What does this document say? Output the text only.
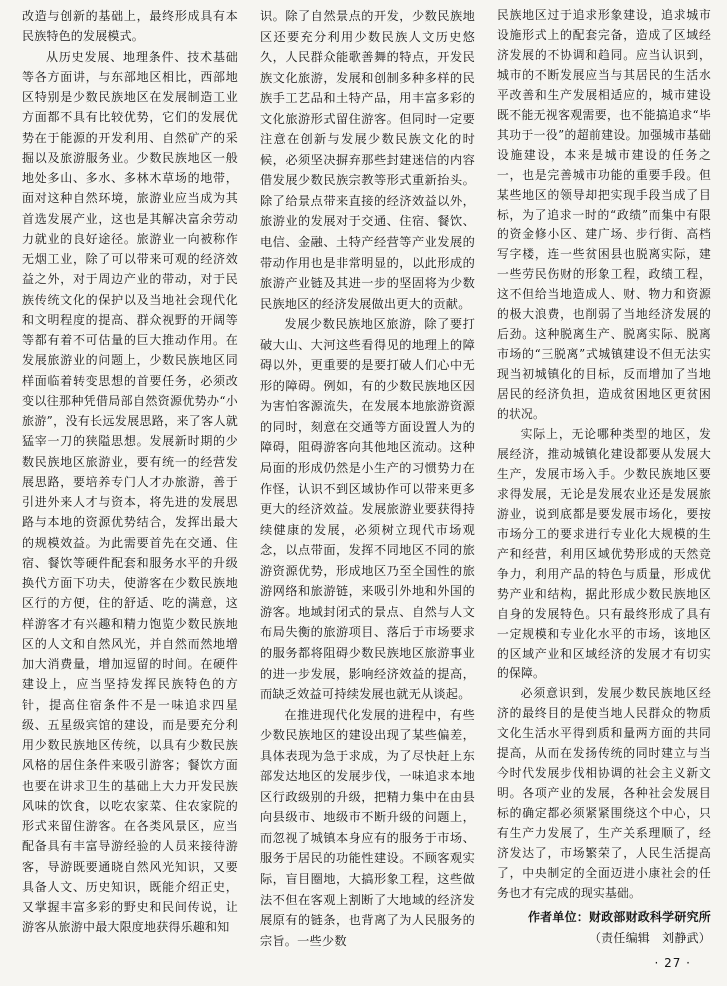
改造与创新的基础上，最终形成具有本民族特色的发展模式。

从历史发展、地理条件、技术基础等各方面讲，与东部地区相比，西部地区特别是少数民族地区在发展制造工业方面都不具有比较优势，它们的发展优势在于能源的开发利用、自然矿产的采掘以及旅游服务业。少数民族地区一般地处多山、多水、多林木草场的地带，面对这种自然环境，旅游业应当成为其首选发展产业，这也是其解决富余劳动力就业的良好途径。旅游业一向被称作无烟工业，除了可以带来可观的经济效益之外，对于周边产业的带动，对于民族传统文化的保护以及当地社会现代化和文明程度的提高、群众视野的开阔等等都有着不可估量的巨大推动作用。在发展旅游业的问题上，少数民族地区同样面临着转变思想的首要任务，必须改变以往那种凭借局部自然资源优势办“小旅游”，没有长远发展思路，来了客人就猛宰一刀的狭隘思想。发展新时期的少数民族地区旅游业，要有统一的经营发展思路，要培养专门人才办旅游，善于引进外来人才与资本，将先进的发展思路与本地的资源优势结合，发挥出最大的规模效益。为此需要首先在交通、住宿、餐饮等硬件配套和服务水平的升级换代方面下功夫，使游客在少数民族地区行的方便，住的舒适、吃的满意，这样游客才有兴趣和精力饱览少数民族地区的人文和自然风光，并自然而然地增加大消费量，增加逗留的时间。在硬件建设上，应当坚持发挥民族特色的方针，提高住宿条件不是一味追求四星级、五星级宾馆的建设，而是要充分利用少数民族地区传统，以具有少数民族风格的居住条件来吸引游客；餐饮方面也要在讲求卫生的基础上大力开发民族风味的饮食，以吃农家菜、住农家院的形式来留住游客。在各类风景区，应当配备具有丰富导游经验的人员来接待游客，导游既要通晓自然风光知识，又要具备人文、历史知识，既能介绍正史，又掌握丰富多彩的野史和民间传说，让游客从旅游中最大限度地获得乐趣和知

识。除了自然景点的开发，少数民族地区还要充分利用少数民族人文历史悠久，人民群众能歌善舞的特点，开发民族文化旅游，发展和创制多种多样的民族手工艺品和土特产品，用丰富多彩的文化旅游形式留住游客。但同时一定要注意在创新与发展少数民族文化的时候，必须坚决摒弃那些封建迷信的内容借发展少数民族宗教等形式重新抬头。除了给景点带来直接的经济效益以外，旅游业的发展对于交通、住宿、餐饮、电信、金融、土特产经营等产业发展的带动作用也是非常明显的，以此形成的旅游产业链及其进一步的坚固将为少数民族地区的经济发展做出更大的贡献。

发展少数民族地区旅游，除了要打破大山、大河这些看得见的地理上的障碍以外，更重要的是要打破人们心中无形的障碍。例如，有的少数民族地区因为害怕客源流失，在发展本地旅游资源的同时，刻意在交通等方面设置人为的障碍，阻碍游客向其他地区流动。这种局面的形成仍然是小生产的习惯势力在作怪，认识不到区域协作可以带来更多更大的经济效益。发展旅游业要获得持续健康的发展，必须树立现代市场观念，以点带面，发挥不同地区不同的旅游资源优势，形成地区乃至全国性的旅游网络和旅游链，来吸引外地和外国的游客。地域封闭式的景点、自然与人文布局失衡的旅游项目、落后于市场要求的服务都将阻碍少数民族地区旅游事业的进一步发展，影响经济效益的提高，而缺乏效益可持续发展也就无从谈起。

在推进现代化发展的进程中，有些少数民族地区的建设出现了某些偏差，具体表现为急于求成，为了尽快赶上东部发达地区的发展步伐，一味追求本地区行政级别的升级，把精力集中在由县向县级市、地级市不断升级的问题上，而忽视了城镇本身应有的服务于市场、服务于居民的功能性建设。不顾客观实际，盲目圈地，大搞形象工程，这些做法不但在客观上割断了大地域的经济发展原有的链条，也背离了为人民服务的宗旨。一些少数

民族地区过于追求形象建设，追求城市设施形式上的配套完备，造成了区域经济发展的不协调和趋同。应当认识到，城市的不断发展应当与其居民的生活水平改善和生产发展相适应的，城市建设既不能无视客观需要，也不能搞追求“毕其功于一役”的超前建设。加强城市基础设施建设，本来是城市建设的任务之一，也是完善城市功能的重要手段。但某些地区的领导却把实现手段当成了目标，为了追求一时的“政绩”而集中有限的资金修小区、建广场、步行街、高档写字楼，连一些贫困县也脱离实际，建一些劳民伤财的形象工程，政绩工程，这不但给当地造成人、财、物力和资源的极大浪费，也削弱了当地经济发展的后劲。这种脱离生产、脱离实际、脱离市场的“三脱离”式城镇建设不但无法实现当初城镇化的目标，反而增加了当地居民的经济负担，造成贫困地区更贫困的状况。

实际上，无论哪种类型的地区，发展经济，推动城镇化建设都要从发展大生产，发展市场入手。少数民族地区要求得发展，无论是发展农业还是发展旅游业，说到底都是要发展市场化，要按市场分工的要求进行专业化大规模的生产和经营，利用区域优势形成的天然竞争力，利用产品的特色与质量，形成优势产业和结构，据此形成少数民族地区自身的发展特色。只有最终形成了具有一定规模和专业化水平的市场，该地区的区域产业和区域经济的发展才有切实的保障。

必须意识到，发展少数民族地区经济的最终目的是使当地人民群众的物质文化生活水平得到质和量两方面的共同提高，从而在发扬传统的同时建立与当今时代发展步伐相协调的社会主义新文明。各项产业的发展，各种社会发展目标的确定都必须紧紧围绕这个中心，只有生产力发展了，生产关系理顺了，经济发达了，市场繁荣了，人民生活提高了，中央制定的全面迈进小康社会的任务也才有完成的现实基础。

作者单位：财政部财政科学研究所
（责任编辑　刘静武）
· 27 ·
